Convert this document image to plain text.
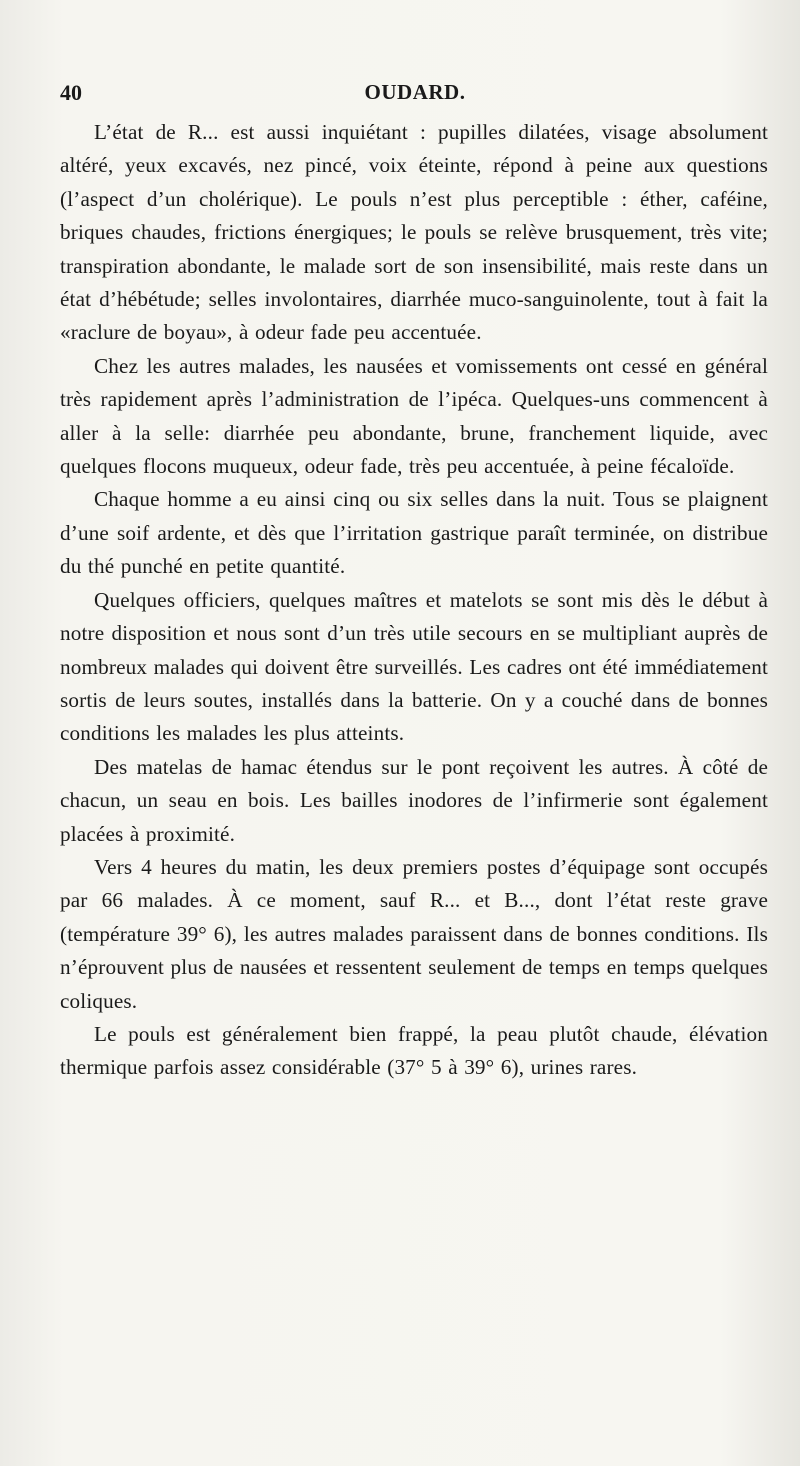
40	OUDARD.

L’état de R... est aussi inquiétant : pupilles dilatées, visage absolument altéré, yeux excavés, nez pincé, voix éteinte, répond à peine aux questions (l’aspect d’un cholérique). Le pouls n’est plus perceptible : éther, caféine, briques chaudes, frictions énergiques; le pouls se relève brusquement, très vite; transpiration abondante, le malade sort de son insensibilité, mais reste dans un état d’hébétude; selles involontaires, diarrhée muco-sanguinolente, tout à fait la «raclure de boyau», à odeur fade peu accentuée.

Chez les autres malades, les nausées et vomissements ont cessé en général très rapidement après l’administration de l’ipéca. Quelques-uns commencent à aller à la selle: diarrhée peu abondante, brune, franchement liquide, avec quelques flocons muqueux, odeur fade, très peu accentuée, à peine fécaloïde.

Chaque homme a eu ainsi cinq ou six selles dans la nuit. Tous se plaignent d’une soif ardente, et dès que l’irritation gastrique paraît terminée, on distribue du thé punché en petite quantité.

Quelques officiers, quelques maîtres et matelots se sont mis dès le début à notre disposition et nous sont d’un très utile secours en se multipliant auprès de nombreux malades qui doivent être surveillés. Les cadres ont été immédiatement sortis de leurs soutes, installés dans la batterie. On y a couché dans de bonnes conditions les malades les plus atteints.

Des matelas de hamac étendus sur le pont reçoivent les autres. À côté de chacun, un seau en bois. Les bailles inodores de l’infirmerie sont également placées à proximité.

Vers 4 heures du matin, les deux premiers postes d’équipage sont occupés par 66 malades. À ce moment, sauf R... et B..., dont l’état reste grave (température 39° 6), les autres malades paraissent dans de bonnes conditions. Ils n’éprouvent plus de nausées et ressentent seulement de temps en temps quelques coliques.

Le pouls est généralement bien frappé, la peau plutôt chaude, élévation thermique parfois assez considérable (37° 5 à 39° 6), urines rares.
